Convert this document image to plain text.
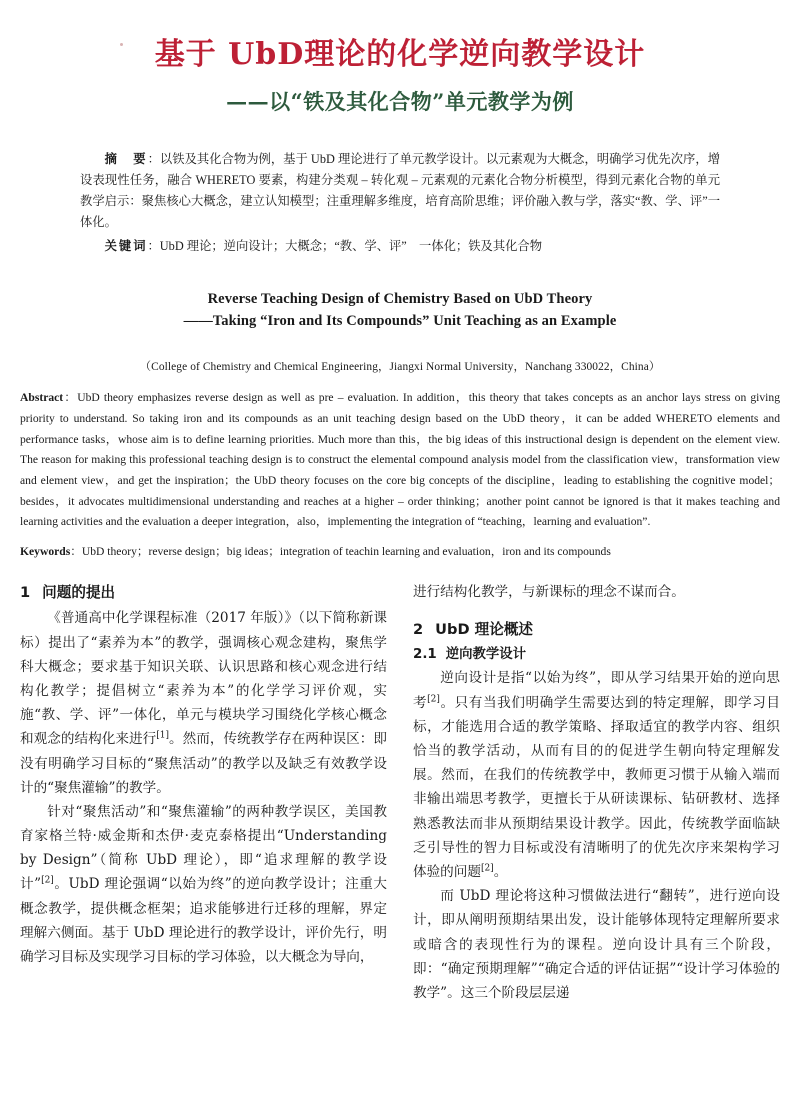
基于 UbD理论的化学逆向教学设计
——以“铁及其化合物”单元教学为例

摘　要：以铁及其化合物为例，基于 UbD 理论进行了单元教学设计。以元素观为大概念，明确学习优先次序，增设表现性任务，融合 WHERETO 要素，构建分类观 – 转化观 – 元素观的元素化合物分析模型，得到元素化合物的单元教学启示：聚焦核心大概念，建立认知模型；注重理解多维度，培育高阶思维；评价融入教与学，落实“教、学、评”一体化。

关键词：UbD 理论；逆向设计；大概念；“教、学、评”　一体化；铁及其化合物

Reverse Teaching Design of Chemistry Based on UbD Theory
——Taking “Iron and Its Compounds” Unit Teaching as an Example
（College of Chemistry and Chemical Engineering，Jiangxi Normal University，Nanchang 330022，China）

Abstract：UbD theory emphasizes reverse design as well as pre – evaluation. In addition，this theory that takes concepts as an anchor lays stress on giving priority to understand. So taking iron and its compounds as an unit teaching design based on the UbD theory，it can be added WHERETO elements and performance tasks，whose aim is to define learning priorities. Much more than this，the big ideas of this instructional design is dependent on the element view. The reason for making this professional teaching design is to construct the elemental compound analysis model from the classification view，transformation view and element view，and get the inspiration；the UbD theory focuses on the core big concepts of the discipline，leading to establishing the cognitive model；besides，it advocates multidimensional understanding and reaches at a higher – order thinking；another point cannot be ignored is that it makes teaching and learning activities and the evaluation a deeper integration，also，implementing the integration of “teaching，learning and evaluation”.

Keywords：UbD theory；reverse design；big ideas；integration of teachin learning and evaluation，iron and its compounds

1 问题的提出

《普通高中化学课程标准（2017 年版）》（以下简称新课标）提出了“素养为本”的教学，强调核心观念建构，聚焦学科大概念；要求基于知识关联、认识思路和核心观念进行结构化教学；提倡树立“素养为本”的化学学习评价观，实施“教、学、评”一体化，单元与模块学习围绕化学核心概念和观念的结构化来进行[1]。然而，传统教学存在两种误区：即没有明确学习目标的“聚焦活动”的教学以及缺乏有效教学设计的“聚焦灌输”的教学。

针对“聚焦活动”和“聚焦灌输”的两种教学误区，美国教育家格兰特·威金斯和杰伊·麦克泰格提出“Understanding by Design”（简称 UbD 理论），即“追求理解的教学设计”[2]。UbD 理论强调“以始为终”的逆向教学设计；注重大概念教学，提供概念框架；追求能够进行迁移的理解，界定理解六侧面。基于 UbD 理论进行的教学设计，评价先行，明确学习目标及实现学习目标的学习体验，以大概念为导向，

进行结构化教学，与新课标的理念不谋而合。

2 UbD 理论概述

2.1 逆向教学设计

逆向设计是指“以始为终”，即从学习结果开始的逆向思考[2]。只有当我们明确学生需要达到的特定理解，即学习目标，才能选用合适的教学策略、择取适宜的教学内容、组织恰当的教学活动，从而有目的的促进学生朝向特定理解发展。然而，在我们的传统教学中，教师更习惯于从输入端而非输出端思考教学，更擅长于从研读课标、钻研教材、选择熟悉教法而非从预期结果设计教学。因此，传统教学面临缺乏引导性的智力目标或没有清晰明了的优先次序来架构学习体验的问题[2]。

而 UbD 理论将这种习惯做法进行“翻转”，进行逆向设计，即从阐明预期结果出发，设计能够体现特定理解所要求或暗含的表现性行为的课程。逆向设计具有三个阶段，即：“确定预期理解”“确定合适的评估证据”“设计学习体验的教学”。这三个阶段层层递
